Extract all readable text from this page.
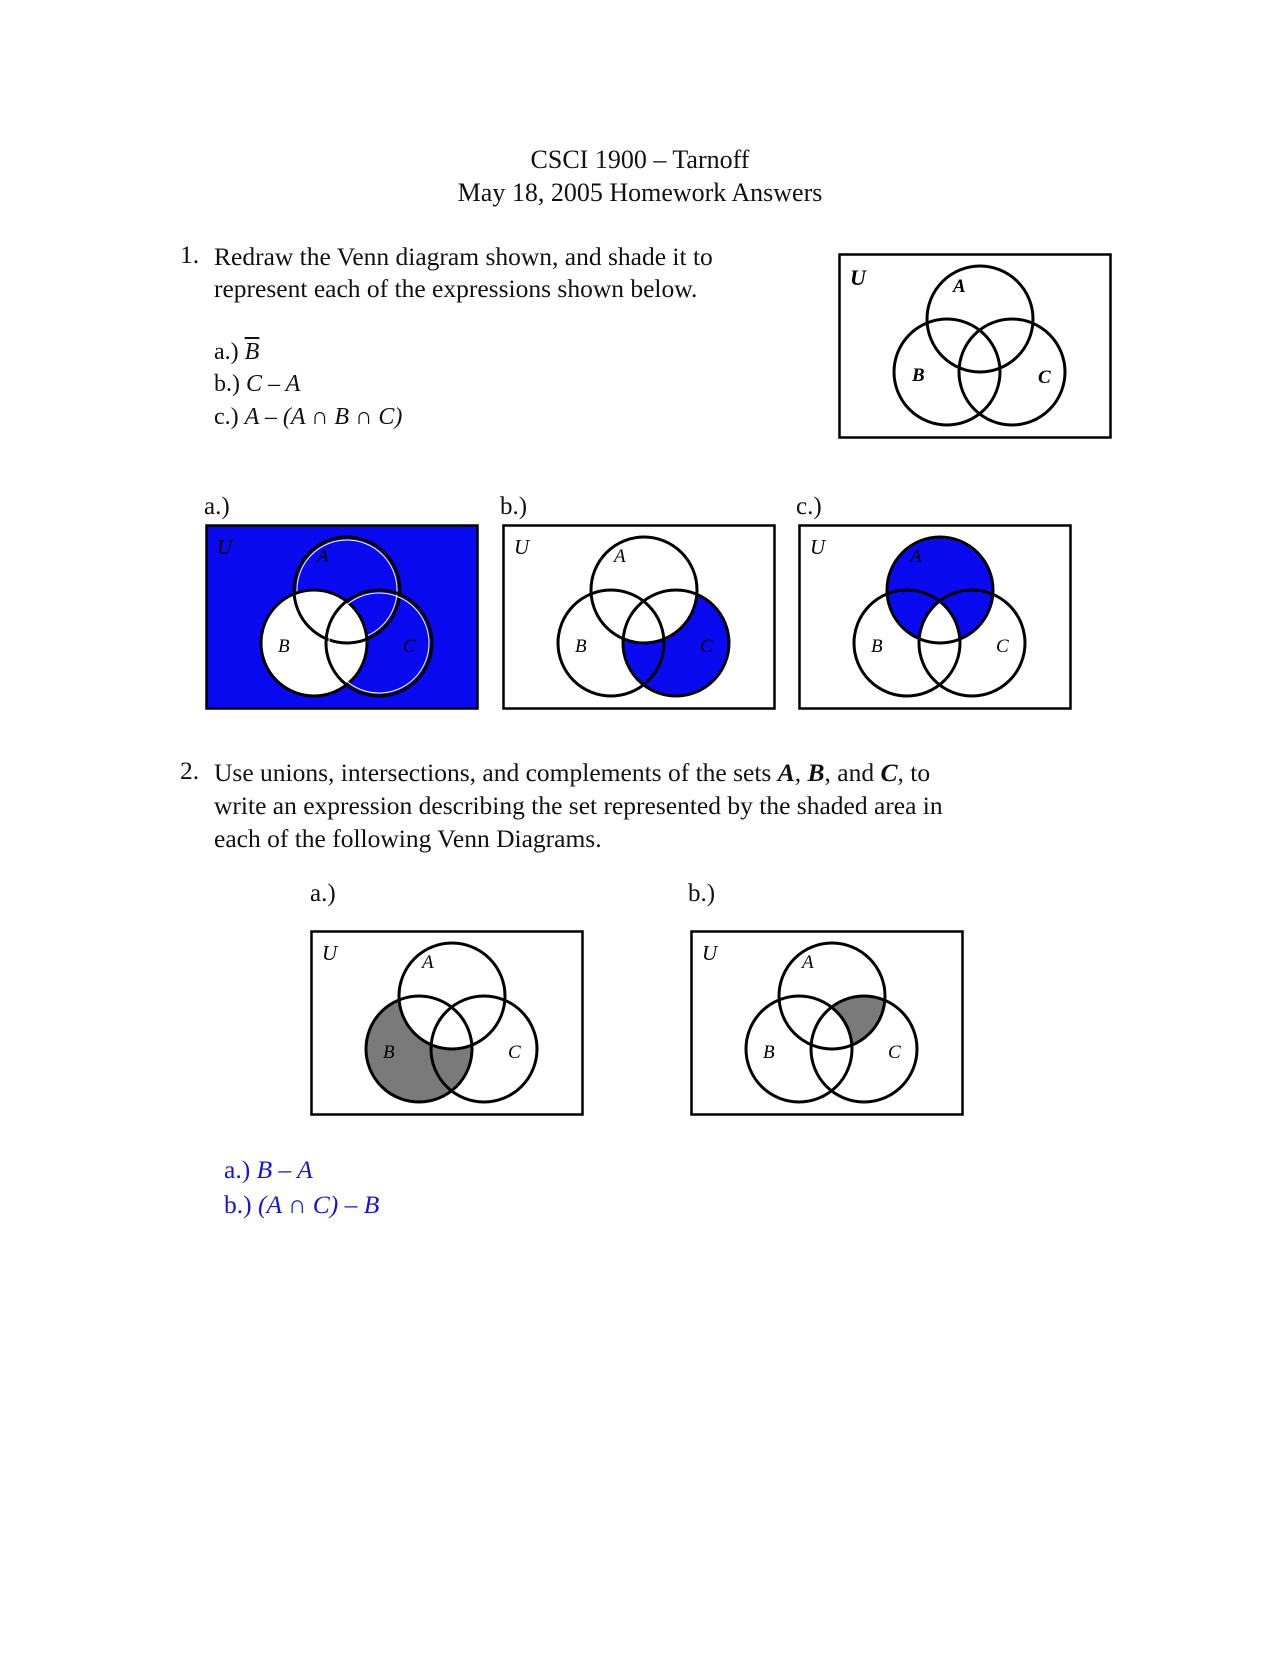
CSCI 1900 – Tarnoff
May 18, 2005 Homework Answers
1. Redraw the Venn diagram shown, and shade it to
represent each of the expressions shown below.
a.) $\overline{B}$
b.) C – A
c.) A – (A ∩ B ∩ C)
U	A
B	C
a.)	b.)	c.)
U	A
B	C
U	A
B	C
U	A
B	C
2. Use unions, intersections, and complements of the sets A, B, and C, to
write an expression describing the set represented by the shaded area in
each of the following Venn Diagrams.
a.)	b.)
U	A
B	C
U	A
B	C
a.) B – A
b.) (A ∩ C) – B
